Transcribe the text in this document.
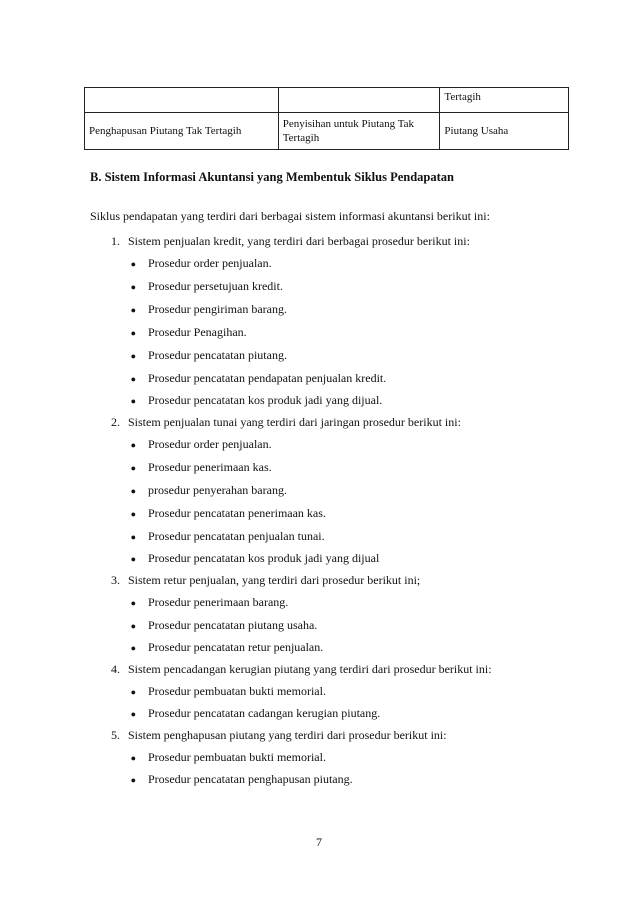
		Tertagih
Penghapusan Piutang Tak Tertagih	Penyisihan untuk Piutang Tak Tertagih	Piutang Usaha

B. Sistem Informasi Akuntansi yang Membentuk Siklus Pendapatan

Siklus pendapatan yang terdiri dari berbagai sistem informasi akuntansi berikut ini:

1. Sistem penjualan kredit, yang terdiri dari berbagai prosedur berikut ini:
●	Prosedur order penjualan.
●	Prosedur persetujuan kredit.
●	Prosedur pengiriman barang.
●	Prosedur Penagihan.
●	Prosedur pencatatan piutang.
●	Prosedur pencatatan pendapatan penjualan kredit.
●	Prosedur pencatatan kos produk jadi yang dijual.
2. Sistem penjualan tunai yang terdiri dari jaringan prosedur berikut ini:
●	Prosedur order penjualan.
●	Prosedur penerimaan kas.
●	prosedur penyerahan barang.
●	Prosedur pencatatan penerimaan kas.
●	Prosedur pencatatan penjualan tunai.
●	Prosedur pencatatan kos produk jadi yang dijual
3. Sistem retur penjualan, yang terdiri dari prosedur berikut ini;
●	Prosedur penerimaan barang.
●	Prosedur pencatatan piutang usaha.
●	Prosedur pencatatan retur penjualan.
4. Sistem pencadangan kerugian piutang yang terdiri dari prosedur berikut ini:
●	Prosedur pembuatan bukti memorial.
●	Prosedur pencatatan cadangan kerugian piutang.
5. Sistem penghapusan piutang yang terdiri dari prosedur berikut ini:
●	Prosedur pembuatan bukti memorial.
●	Prosedur pencatatan penghapusan piutang.
7
